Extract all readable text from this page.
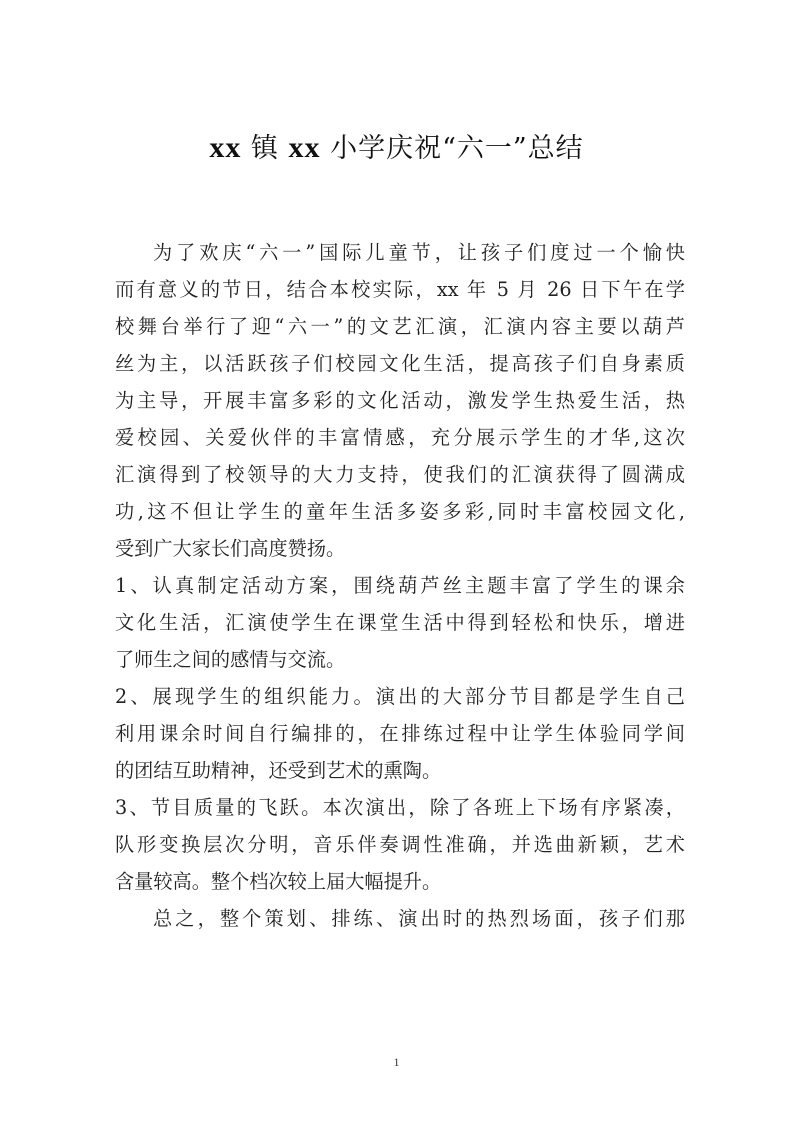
xx 镇 xx 小学庆祝“六一”总结
为了欢庆“六一”国际儿童节，让孩子们度过一个愉快
而有意义的节日，结合本校实际，xx 年 5 月 26 日下午在学
校舞台举行了迎“六一”的文艺汇演，汇演内容主要以葫芦
丝为主，以活跃孩子们校园文化生活，提高孩子们自身素质
为主导，开展丰富多彩的文化活动，激发学生热爱生活，热
爱校园、关爱伙伴的丰富情感，充分展示学生的才华,这次
汇演得到了校领导的大力支持，使我们的汇演获得了圆满成
功,这不但让学生的童年生活多姿多彩,同时丰富校园文化,
受到广大家长们高度赞扬。
1、认真制定活动方案，围绕葫芦丝主题丰富了学生的课余
文化生活，汇演使学生在课堂生活中得到轻松和快乐，增进
了师生之间的感情与交流。
2、展现学生的组织能力。演出的大部分节目都是学生自己
利用课余时间自行编排的，在排练过程中让学生体验同学间
的团结互助精神，还受到艺术的熏陶。
3、节目质量的飞跃。本次演出，除了各班上下场有序紧凑，
队形变换层次分明，音乐伴奏调性准确，并选曲新颖，艺术
含量较高。整个档次较上届大幅提升。
总之，整个策划、排练、演出时的热烈场面，孩子们那
1
